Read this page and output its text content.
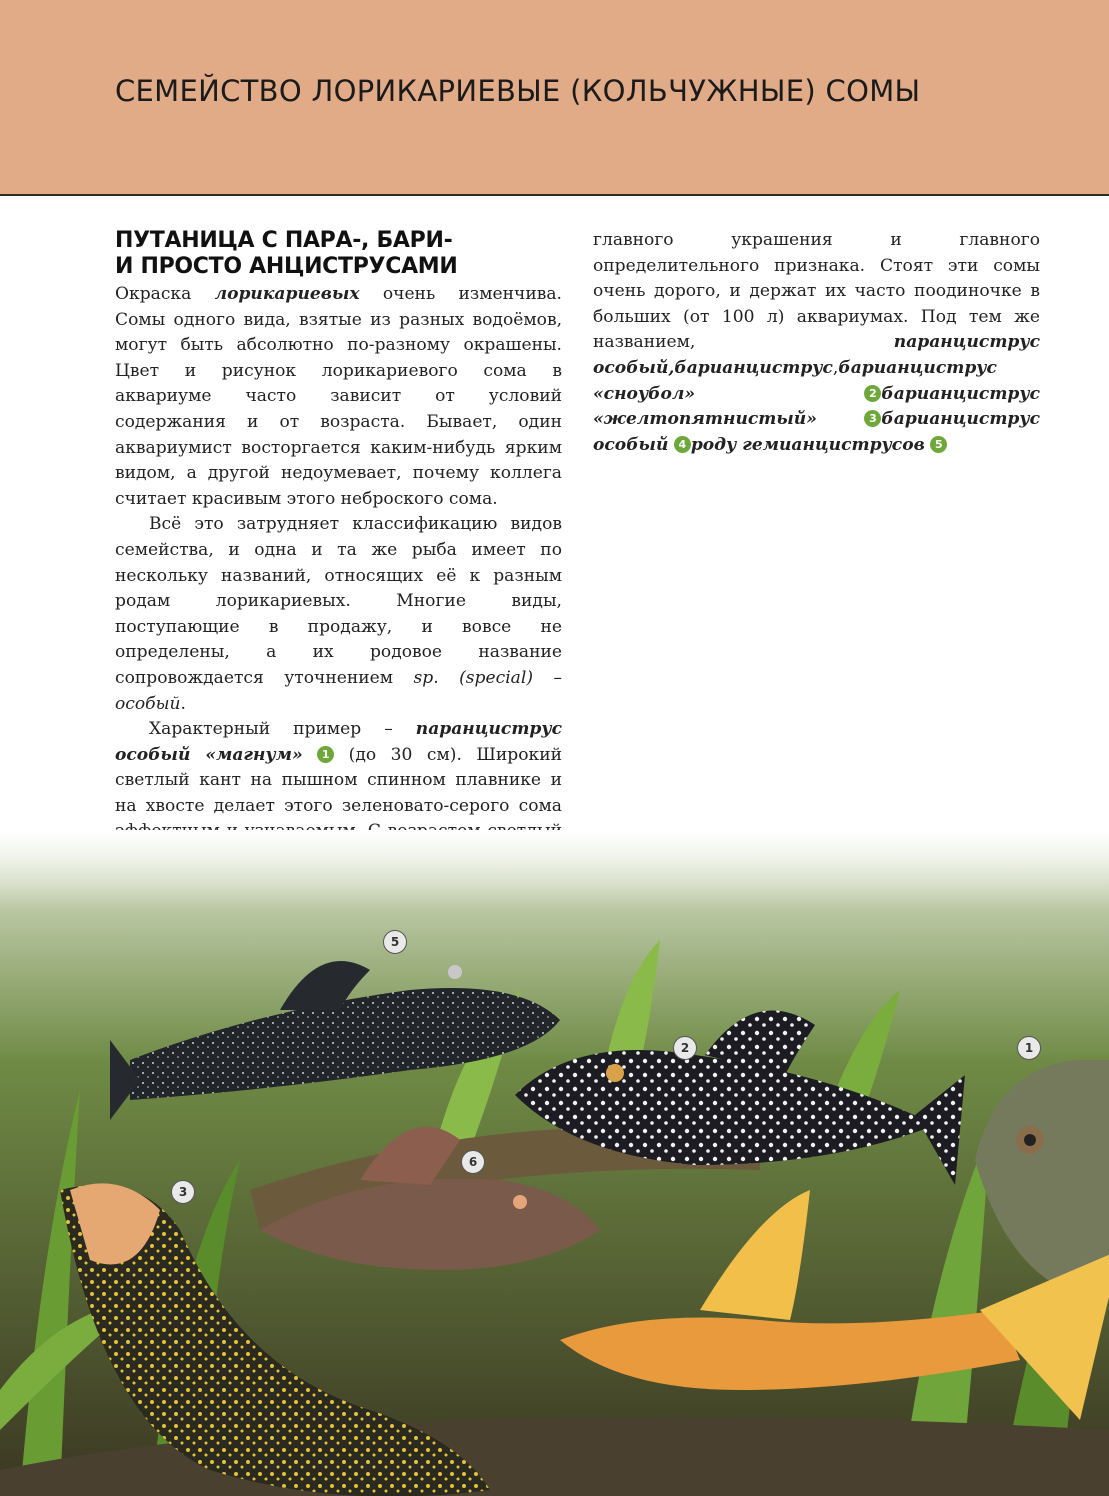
СЕМЕЙСТВО ЛОРИКАРИЕВЫЕ (КОЛЬЧУЖНЫЕ) СОМЫ
ПУТАНИЦА С ПАРА-, БАРИ-
И ПРОСТО АНЦИСТРУСАМИ

Окраска лорикариевых очень изменчива. Сомы одного вида, взятые из разных водоёмов, могут быть абсолютно по-разному окрашены. Цвет и рисунок лорикариевого сома в аквариуме часто зависит от условий содержания и от возраста. Бывает, один аквариумист восторгается каким-нибудь ярким видом, а другой недоумевает, почему коллега считает красивым этого неброского сома.

Всё это затрудняет классификацию видов семейства, и одна и та же рыба имеет по нескольку названий, относящих её к разным родам лорикариевых. Многие виды, поступающие в продажу, и вовсе не определены, а их родовое название сопровождается уточнением sp. (special) – особый.

Характерный пример – паранциструс особый «магнум» 1 (до 30 см). Широкий светлый кант на пышном спинном плавнике и на хвосте делает этого зеленовато-серого сома

5
2	1
6
3

главного украшения и главного определительного признака. Стоят эти сомы очень дорого, и держат их часто поодиночке в больших (от 100 л) аквариумах. Под тем же названием, паранциструс особый,барианциструс,барианциструс «сноубол»	2 барианциструс «желтопятнистый»	3 барианциструс особый 4 роду гемианциструсов 5
